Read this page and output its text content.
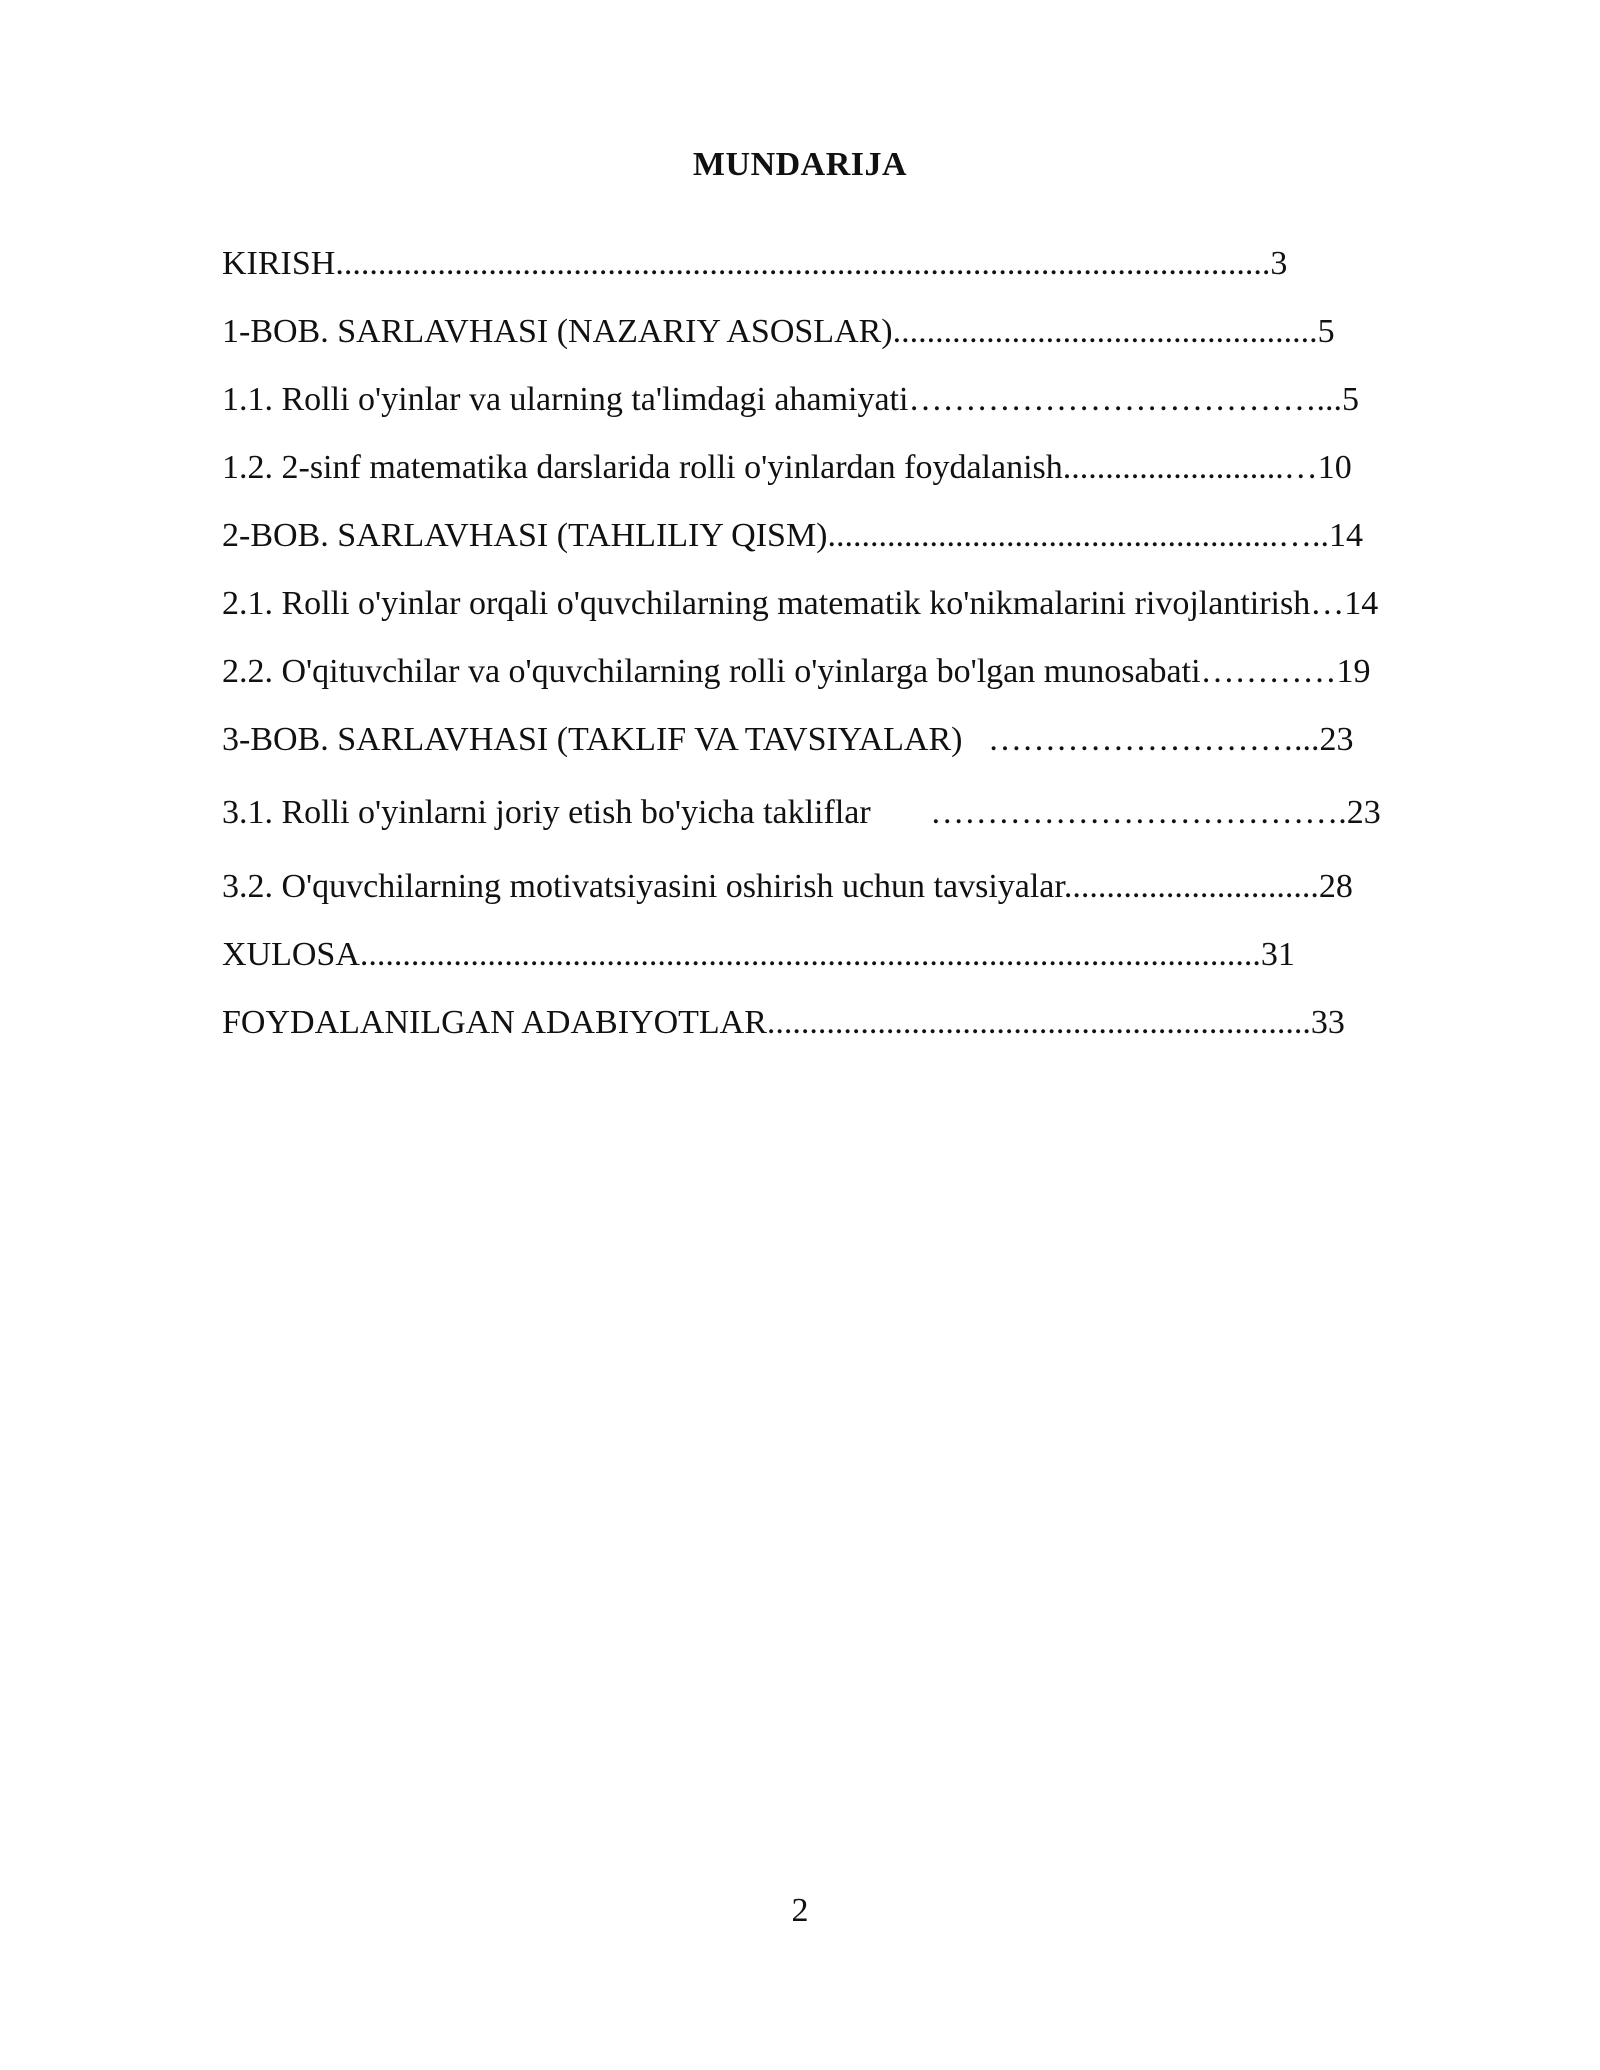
MUNDARIJA
KIRISH..............................................................................................................3
1-BOB. SARLAVHASI (NAZARIY ASOSLAR)..................................................5
1.1. Rolli o'yinlar va ularning ta'limdagi ahamiyati………………………………...5
1.2. 2-sinf matematika darslarida rolli o'yinlardan foydalanish..........................…10
2-BOB. SARLAVHASI (TAHLILIY QISM).....................................................…..14
2.1. Rolli o'yinlar orqali o'quvchilarning matematik ko'nikmalarini rivojlantirish…14
2.2. O'qituvchilar va o'quvchilarning rolli o'yinlarga bo'lgan munosabati…………19
3-BOB. SARLAVHASI (TAKLIF VA TAVSIYALAR)   ………………………...23
3.1. Rolli o'yinlarni joriy etish bo'yicha takliflar       ……………………………….23
3.2. O'quvchilarning motivatsiyasini oshirish uchun tavsiyalar..............................28
XULOSA..........................................................................................................31
FOYDALANILGAN ADABIYOTLAR................................................................33
2
